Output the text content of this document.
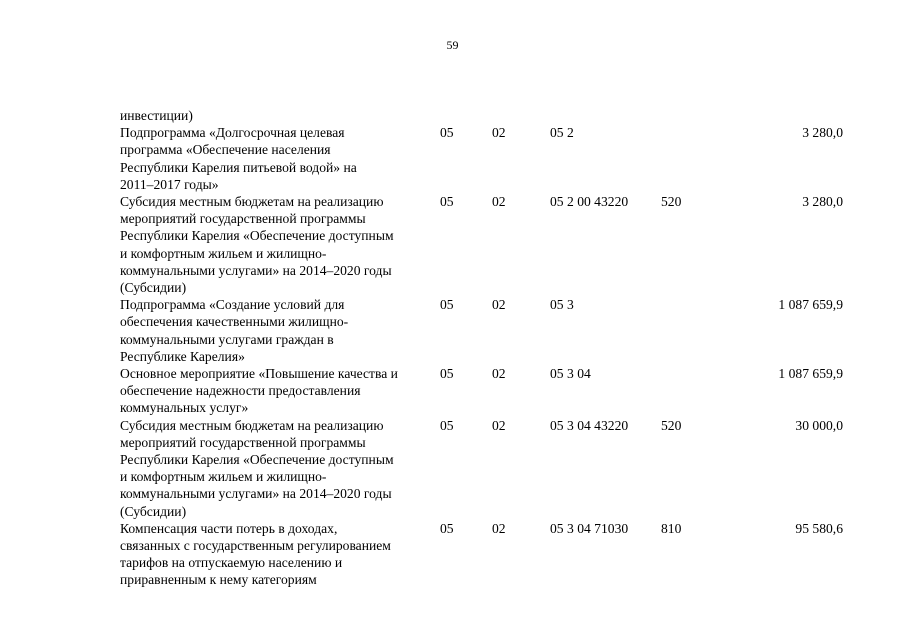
59
инвестиции)
Подпрограмма «Долгосрочная целевая
программа «Обеспечение населения
Республики Карелия питьевой водой» на
2011–2017 годы»
05	02	05 2	3 280,0
Субсидия местным бюджетам на реализацию
мероприятий государственной программы
Республики Карелия «Обеспечение доступным
и комфортным жильем и жилищно-
коммунальными услугами» на 2014–2020 годы
(Субсидии)
05	02	05 2 00 43220 520	3 280,0
Подпрограмма «Создание условий для
обеспечения качественными жилищно-
коммунальными услугами граждан в
Республике Карелия»
05	02	05 3	1 087 659,9
Основное мероприятие «Повышение качества и
обеспечение надежности предоставления
коммунальных услуг»
05	02	05 3 04	1 087 659,9
Субсидия местным бюджетам на реализацию
мероприятий государственной программы
Республики Карелия «Обеспечение доступным
и комфортным жильем и жилищно-
коммунальными услугами» на 2014–2020 годы
(Субсидии)
05	02	05 3 04 43220 520	30 000,0
Компенсация части потерь в доходах,
связанных с государственным регулированием
тарифов на отпускаемую населению и
приравненным к нему категориям
05	02	05 3 04 71030 810	95 580,6
